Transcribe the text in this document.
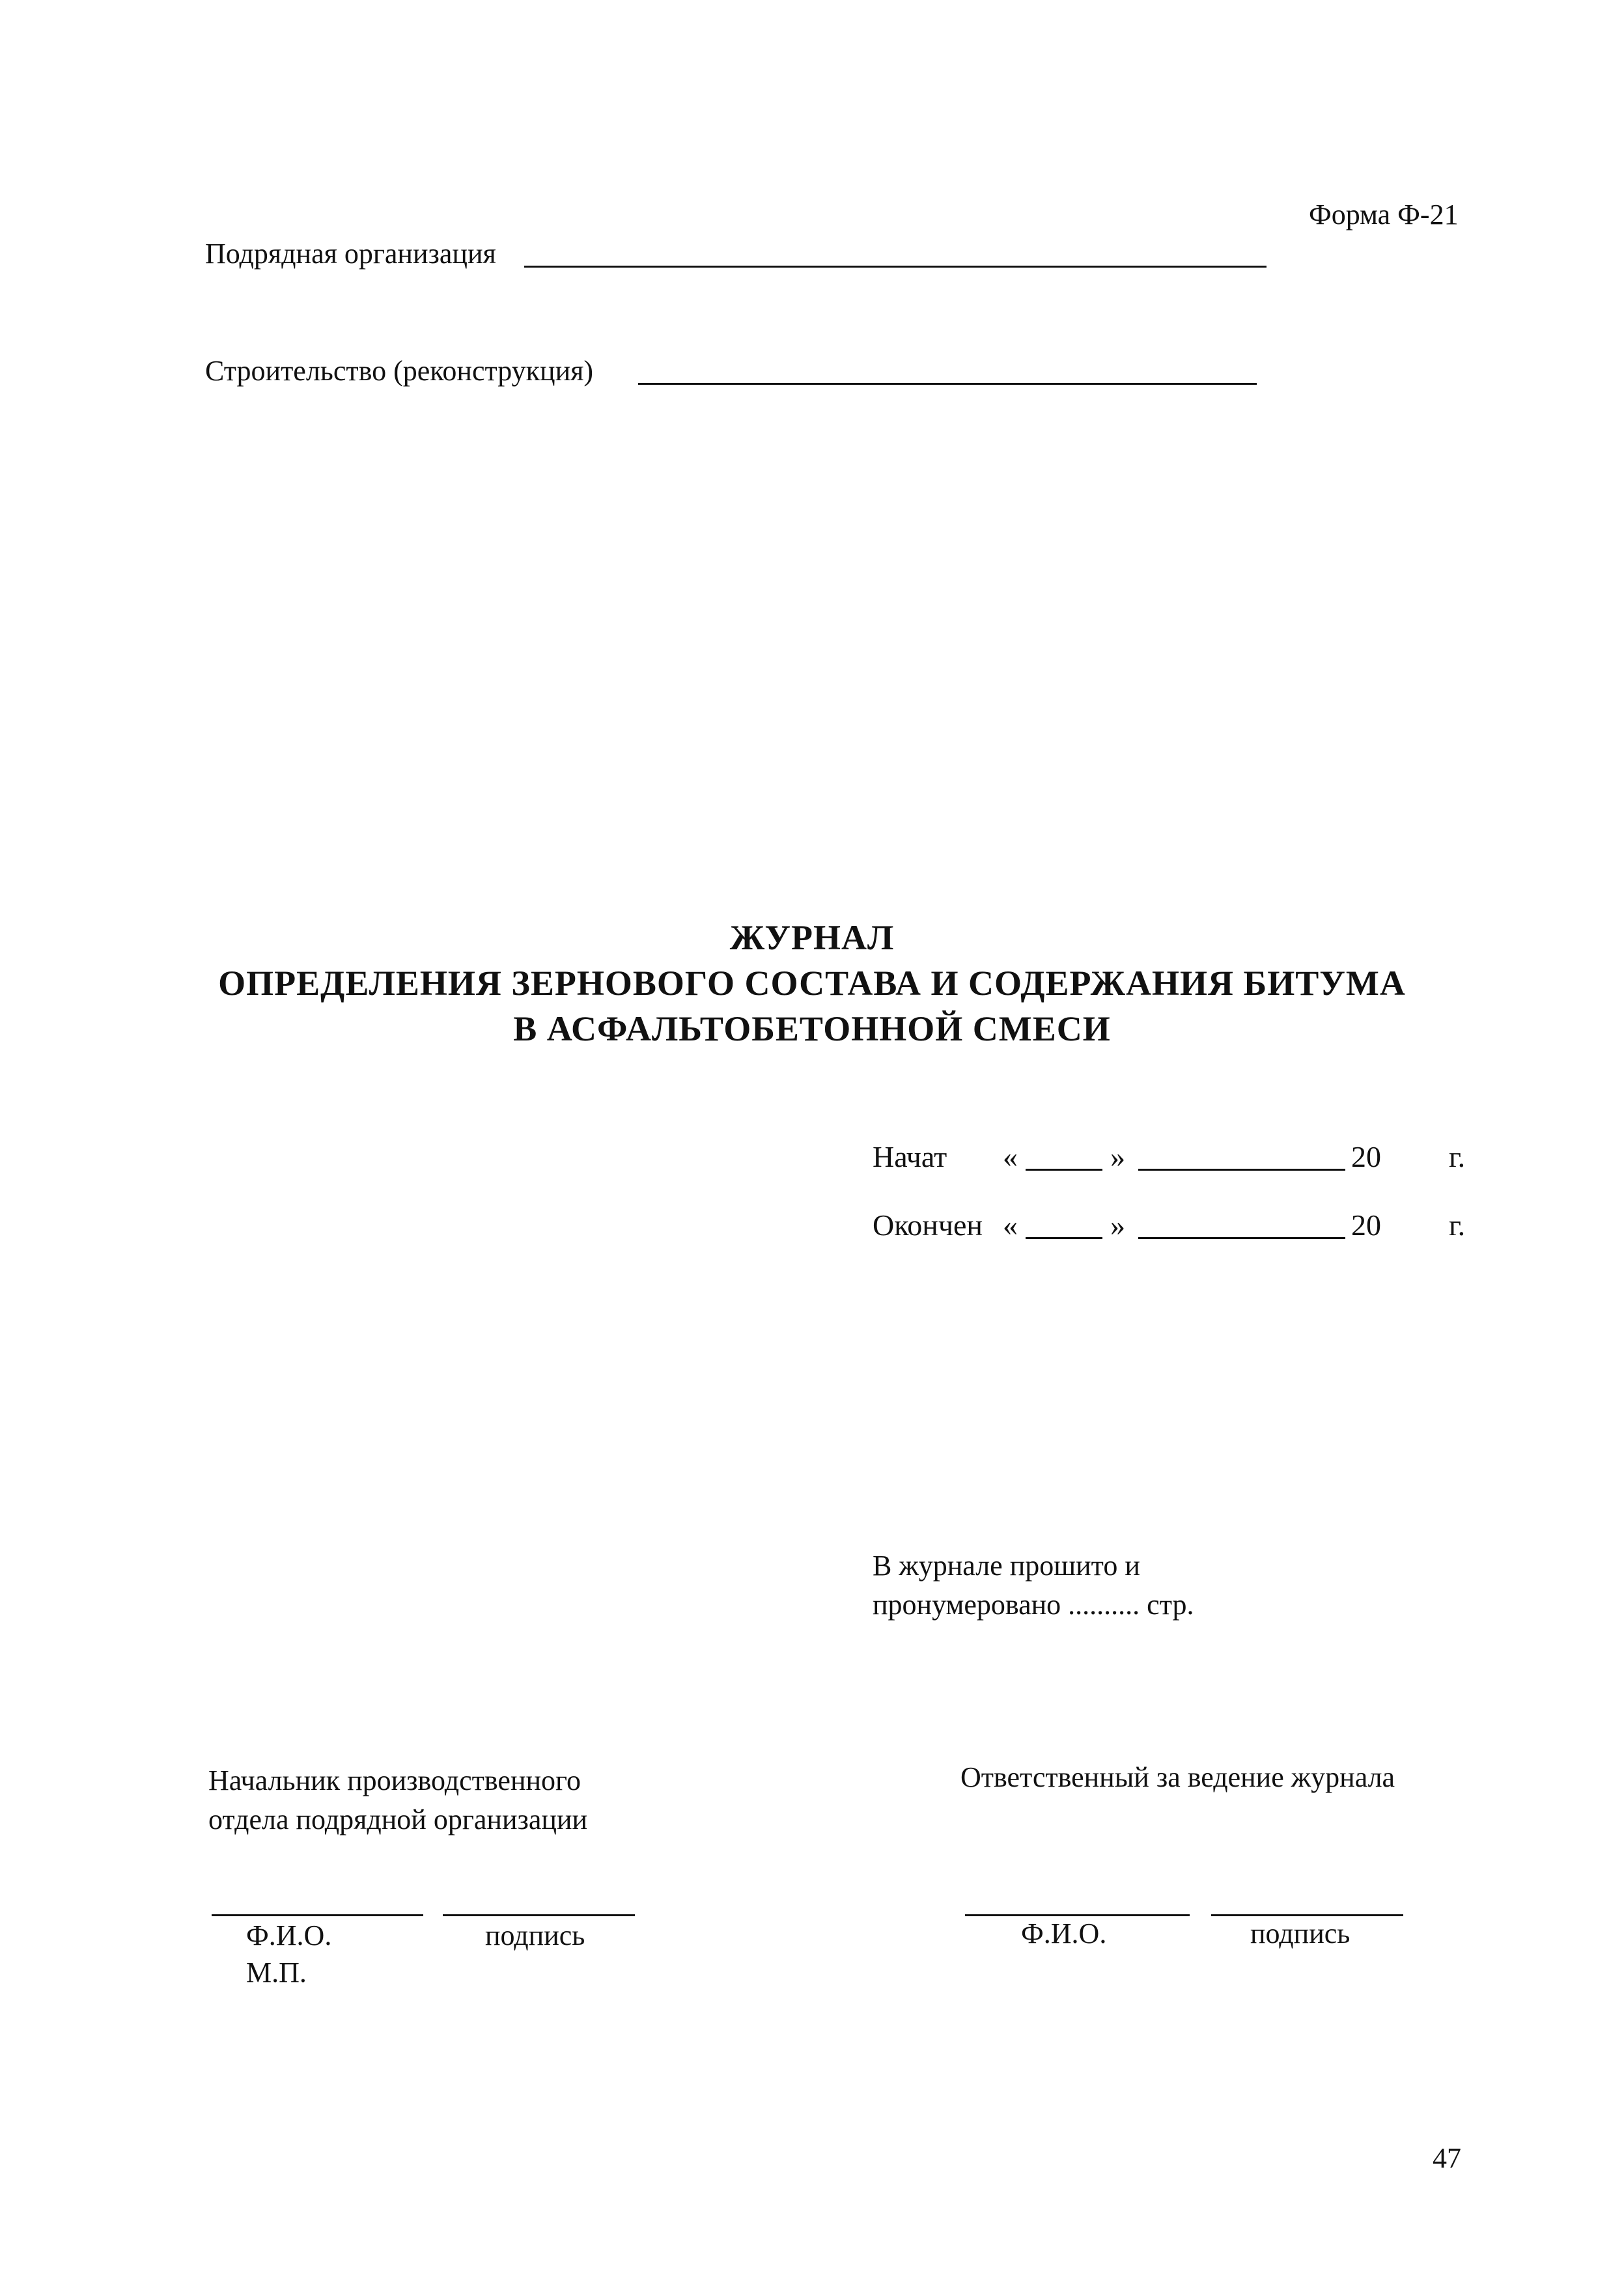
Форма Ф-21
Подрядная организация
Строительство (реконструкция)
ЖУРНАЛ
ОПРЕДЕЛЕНИЯ ЗЕРНОВОГО СОСТАВА И СОДЕРЖАНИЯ БИТУМА
В АСФАЛЬТОБЕТОННОЙ СМЕСИ
Начат «	»	20 г.
Окончен «	»	20 г.
В журнале прошито и
пронумеровано .......... стр.
Начальник производственного
отдела подрядной организации
Ф.И.О.	подпись
М.П.
Ответственный за ведение журнала
Ф.И.О.	подпись
47
